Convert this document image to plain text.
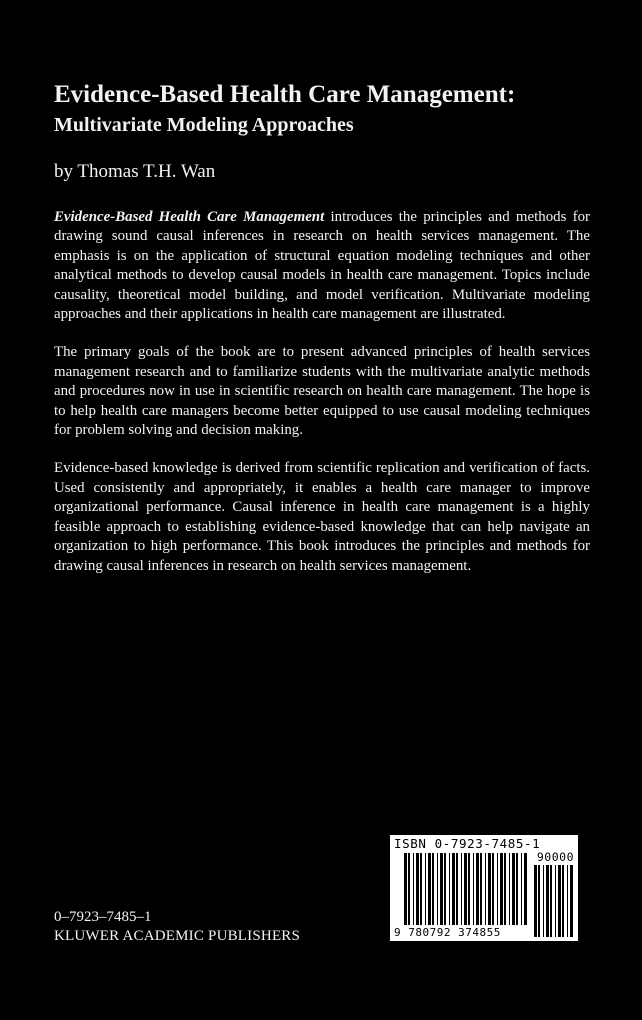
Evidence-Based Health Care Management:
Multivariate Modeling Approaches
by Thomas T.H. Wan

Evidence-Based Health Care Management introduces the principles and methods for drawing sound causal inferences in research on health services management. The emphasis is on the application of structural equation modeling techniques and other analytical methods to develop causal models in health care management. Topics include causality, theoretical model building, and model verification. Multivariate modeling approaches and their applications in health care management are illustrated.

The primary goals of the book are to present advanced principles of health services management research and to familiarize students with the multivariate analytic methods and procedures now in use in scientific research on health care management. The hope is to help health care managers become better equipped to use causal modeling techniques for problem solving and decision making.

Evidence-based knowledge is derived from scientific replication and verification of facts. Used consistently and appropriately, it enables a health care manager to improve organizational performance. Causal inference in health care management is a highly feasible approach to establishing evidence-based knowledge that can help navigate an organization to high performance. This book introduces the principles and methods for drawing causal inferences in research on health services management.

0–7923–7485–1
KLUWER ACADEMIC PUBLISHERS
ISBN 0-7923-7485-1
90000
9 780792 374855
